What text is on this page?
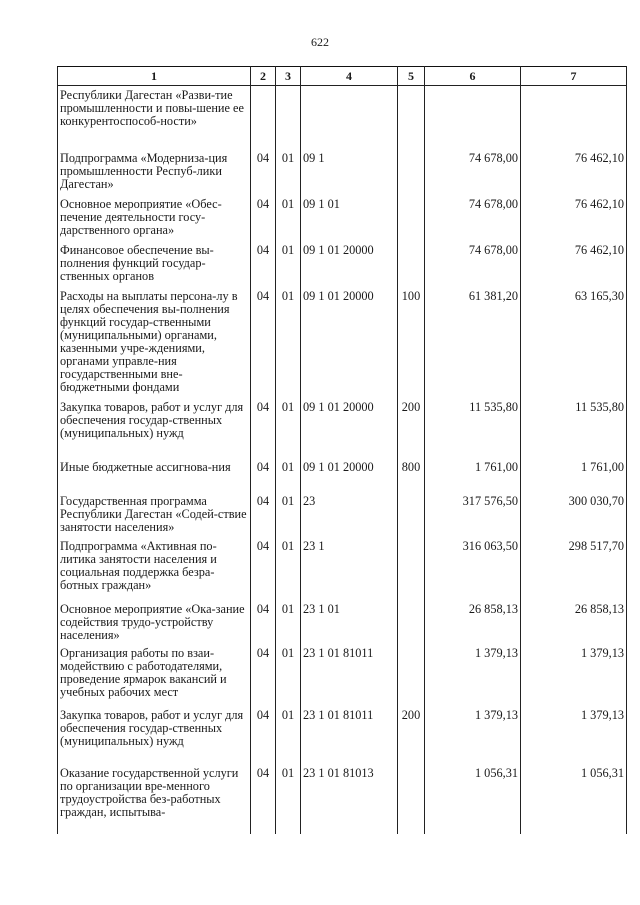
622
1	2	3	4	5	6	7
Республики Дагестан «Разви-тие промышленности и повы-шение ее конкурентоспособ-ности»						
Подпрограмма «Модерниза-ция промышленности Респуб-лики Дагестан»	04	01	09 1		74 678,00	76 462,10
Основное мероприятие «Обес-печение деятельности госу-дарственного органа»	04	01	09 1 01		74 678,00	76 462,10
Финансовое обеспечение вы-полнения функций государ-ственных органов	04	01	09 1 01 20000		74 678,00	76 462,10
Расходы на выплаты персона-лу в целях обеспечения вы-полнения функций государ-ственными (муниципальными) органами, казенными учре-ждениями, органами управле-ния государственными вне-бюджетными фондами	04	01	09 1 01 20000	100	61 381,20	63 165,30
Закупка товаров, работ и услуг для обеспечения государ-ственных (муниципальных) нужд	04	01	09 1 01 20000	200	11 535,80	11 535,80
Иные бюджетные ассигнова-ния	04	01	09 1 01 20000	800	1 761,00	1 761,00
Государственная программа Республики Дагестан «Содей-ствие занятости населения»	04	01	23		317 576,50	300 030,70
Подпрограмма «Активная по-литика занятости населения и социальная поддержка безра-ботных граждан»	04	01	23 1		316 063,50	298 517,70
Основное мероприятие «Ока-зание содействия трудо-устройству населения»	04	01	23 1 01		26 858,13	26 858,13
Организация работы по взаи-модействию с работодателями, проведение ярмарок вакансий и учебных рабочих мест	04	01	23 1 01 81011		1 379,13	1 379,13
Закупка товаров, работ и услуг для обеспечения государ-ственных (муниципальных) нужд	04	01	23 1 01 81011	200	1 379,13	1 379,13
Оказание государственной услуги по организации вре-менного трудоустройства без-работных граждан, испытыва-	04	01	23 1 01 81013		1 056,31	1 056,31
